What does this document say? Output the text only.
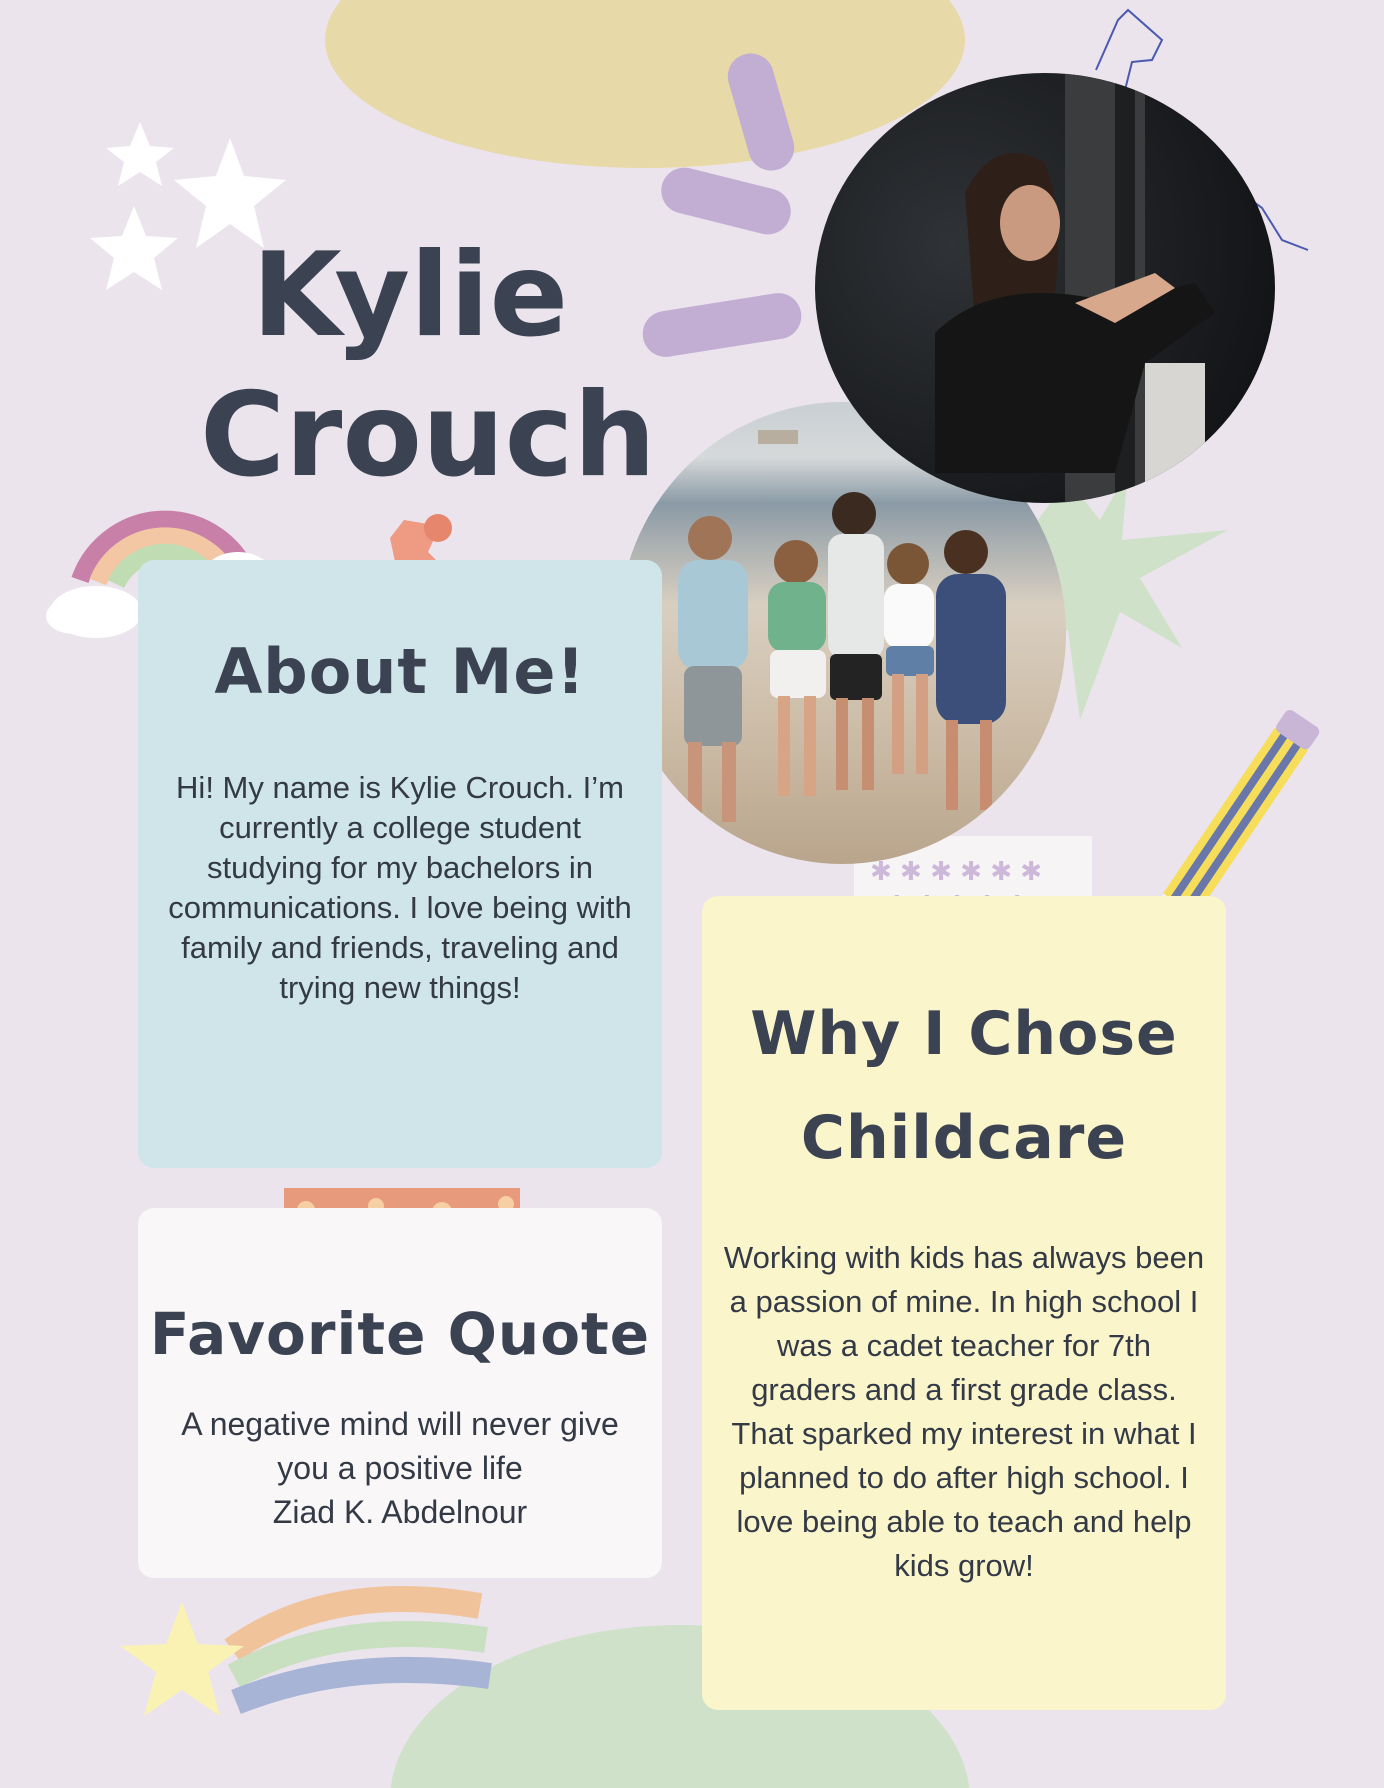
✱ ✱ ✱ ✱ ✱ ✱
Kylie
Crouch
About Me!
Hi! My name is Kylie Crouch. I’m currently a college student studying for my bachelors in communications. I love being with family and friends, traveling and trying new things!
Favorite Quote
A negative mind will never give
you a positive life
Ziad K. Abdelnour
Why I Chose
Childcare
Working with kids has always been a passion of mine. In high school I was a cadet teacher for 7th graders and a first grade class. That sparked my interest in what I planned to do after high school. I love being able to teach and help kids grow!
